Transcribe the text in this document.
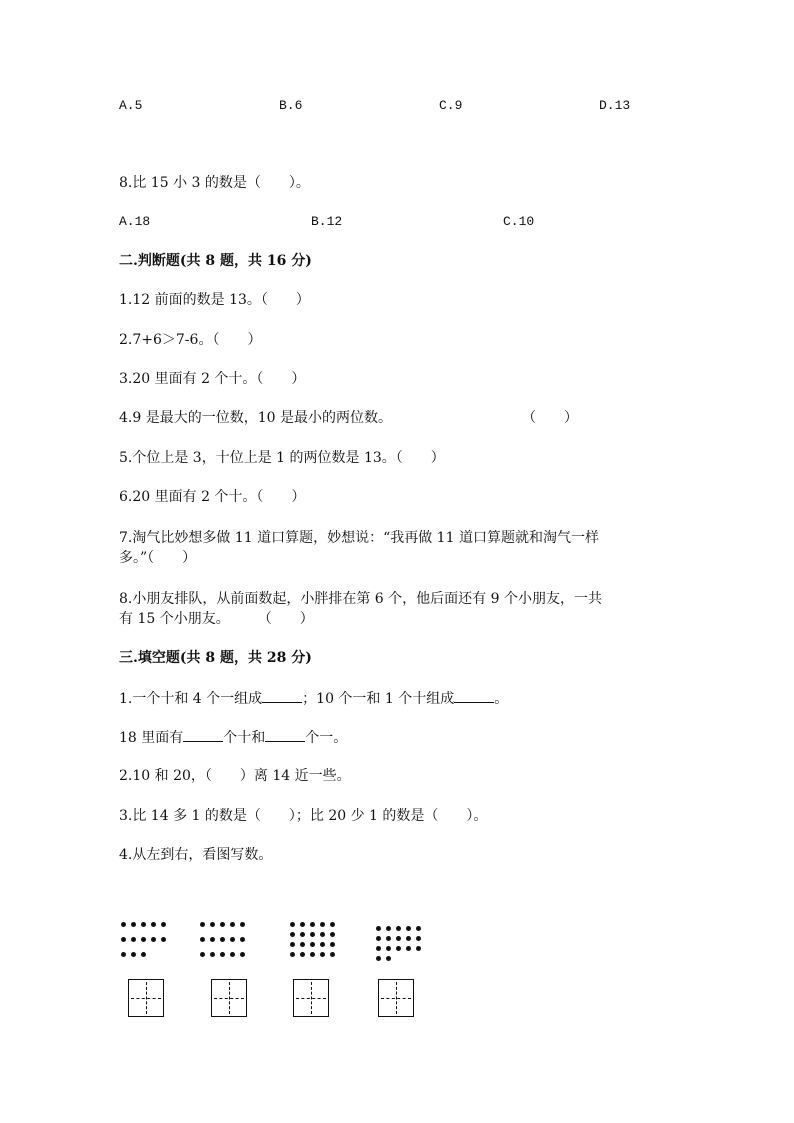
A.5	B.6	C.9	D.13
8.比 15 小 3 的数是（　　）。
A.18	B.12	C.10
二.判断题(共 8 题，共 16 分)
1.12 前面的数是 13。（　　）
2.7+6＞7-6。（　　）
3.20 里面有 2 个十。（　　）
4.9 是最大的一位数，10 是最小的两位数。	（　　）
5.个位上是 3，十位上是 1 的两位数是 13。（　　）
6.20 里面有 2 个十。（　　）
7.淘气比妙想多做 11 道口算题，妙想说：“我再做 11 道口算题就和淘气一样
多。”（　　）
8.小朋友排队，从前面数起，小胖排在第 6 个，他后面还有 9 个小朋友，一共
有 15 个小朋友。　　　（　　）
三.填空题(共 8 题，共 28 分)
1.一个十和 4 个一组成	；10 个一和 1 个十组成	。
18 里面有	个十和	个一。
2.10 和 20，（　　）离 14 近一些。
3.比 14 多 1 的数是（　　）；比 20 少 1 的数是（　　）。
4.从左到右，看图写数。
